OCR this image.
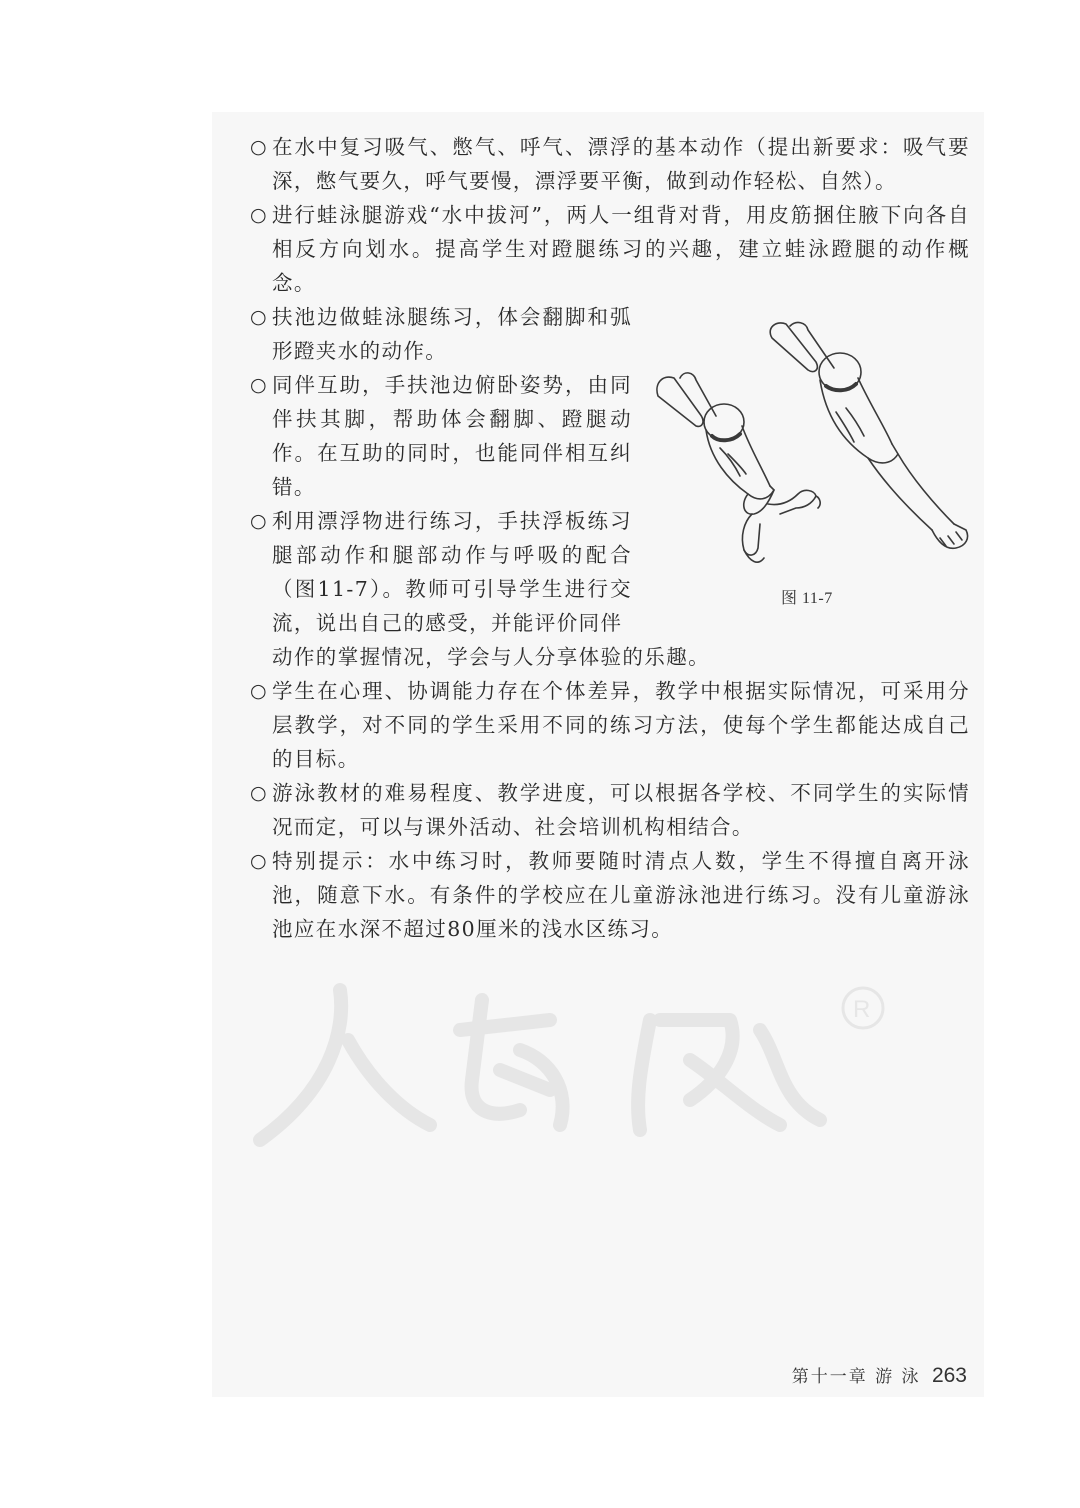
○ 在水中复习吸气、憋气、呼气、漂浮的基本动作（提出新要求：吸气要深，憋气要久，呼气要慢，漂浮要平衡，做到动作轻松、自然）。

○ 进行蛙泳腿游戏“水中拔河”，两人一组背对背，用皮筋捆住腋下向各自相反方向划水。提高学生对蹬腿练习的兴趣，建立蛙泳蹬腿的动作概念。

○ 扶池边做蛙泳腿练习，体会翻脚和弧形蹬夹水的动作。

○ 同伴互助，手扶池边俯卧姿势，由同伴扶其脚，帮助体会翻脚、蹬腿动作。在互助的同时，也能同伴相互纠错。

○ 利用漂浮物进行练习，手扶浮板练习腿部动作和腿部动作与呼吸的配合（图11-7）。教师可引导学生进行交流，说出自己的感受，并能评价同伴

动作的掌握情况，学会与人分享体验的乐趣。

○ 学生在心理、协调能力存在个体差异，教学中根据实际情况，可采用分层教学，对不同的学生采用不同的练习方法，使每个学生都能达成自己的目标。

○ 游泳教材的难易程度、教学进度，可以根据各学校、不同学生的实际情况而定，可以与课外活动、社会培训机构相结合。

○ 特别提示：水中练习时，教师要随时清点人数，学生不得擅自离开泳池，随意下水。有条件的学校应在儿童游泳池进行练习。没有儿童游泳池应在水深不超过80厘米的浅水区练习。

图 11-7
R
第十一章 游 泳 263
